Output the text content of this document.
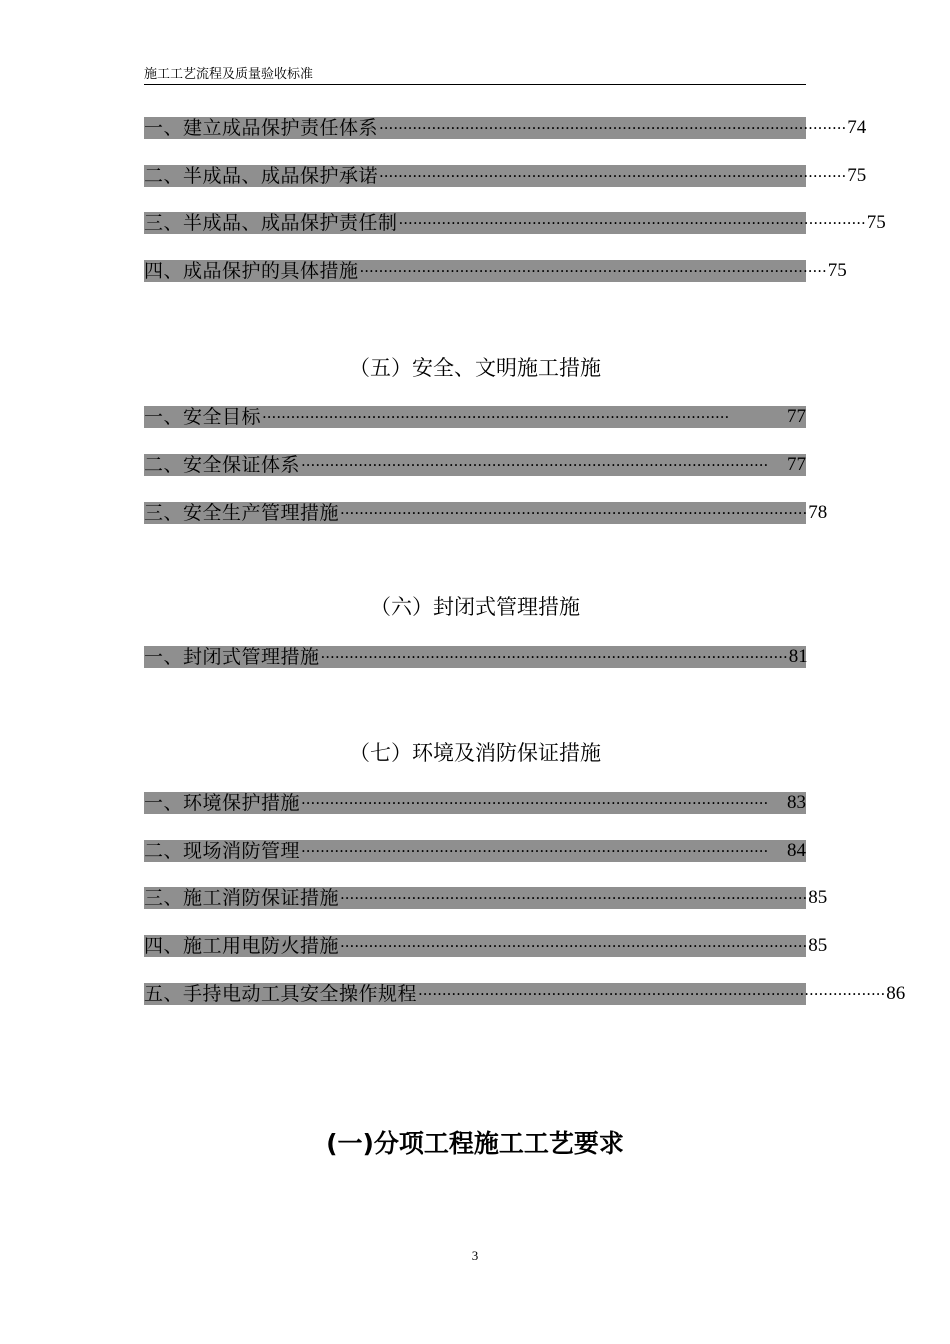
施工工艺流程及质量验收标准
一、建立成品保护责任体系 ·································································································· 74
二、半成品、成品保护承诺 ·································································································· 75
三、半成品、成品保护责任制 ·································································································· 75
四、成品保护的具体措施 ·································································································· 75
（五）安全、文明施工措施
一、安全目标 ··································································································	77
二、安全保证体系 ·································································································· 77
三、安全生产管理措施 ·································································································· 78
（六）封闭式管理措施
一、封闭式管理措施 ·································································································· 81
（七）环境及消防保证措施
一、环境保护措施 ·································································································· 83
二、现场消防管理 ·································································································· 84
三、施工消防保证措施 ·································································································· 85
四、施工用电防火措施 ·································································································· 85
五、手持电动工具安全操作规程 ·································································································· 86
(一)分项工程施工工艺要求
3
